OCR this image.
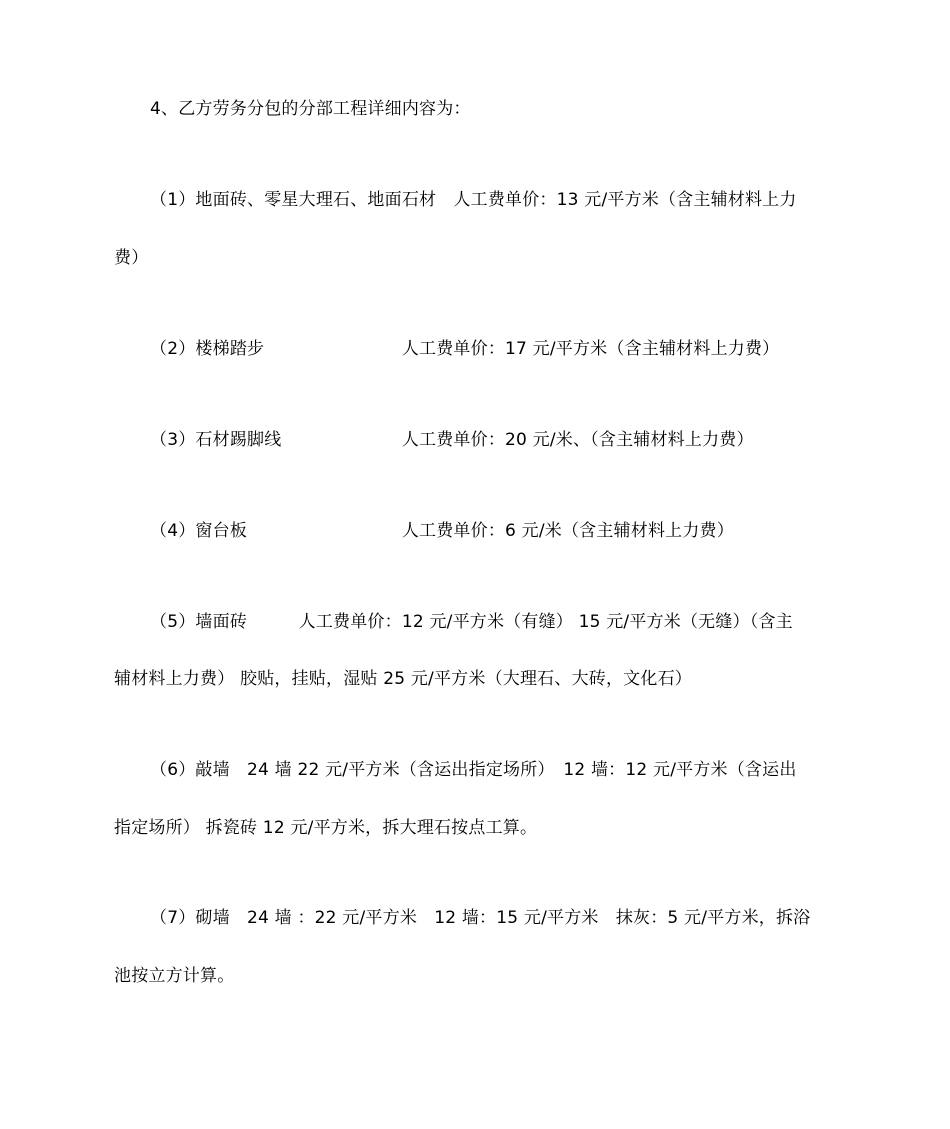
4、乙方劳务分包的分部工程详细内容为：
（1）地面砖、零星大理石、地面石材　人工费单价：13 元/平方米（含主辅材料上力
费）
（2）楼梯踏步　　　　　　　　人工费单价：17 元/平方米（含主辅材料上力费）
（3）石材踢脚线　　　　　　　人工费单价：20 元/米、（含主辅材料上力费）
（4）窗台板　　　　　　　　　人工费单价：6 元/米（含主辅材料上力费）
（5）墙面砖　　　人工费单价：12 元/平方米（有缝） 15 元/平方米（无缝）（含主
辅材料上力费） 胶贴，挂贴，湿贴 25 元/平方米（大理石、大砖，文化石）
（6）敲墙　24 墙 22 元/平方米（含运出指定场所）　12 墙：12 元/平方米（含运出
指定场所） 拆瓷砖 12 元/平方米，拆大理石按点工算。
（7）砌墙　24 墙 ：22 元/平方米　12 墙：15 元/平方米　抹灰：5 元/平方米，拆浴
池按立方计算。
